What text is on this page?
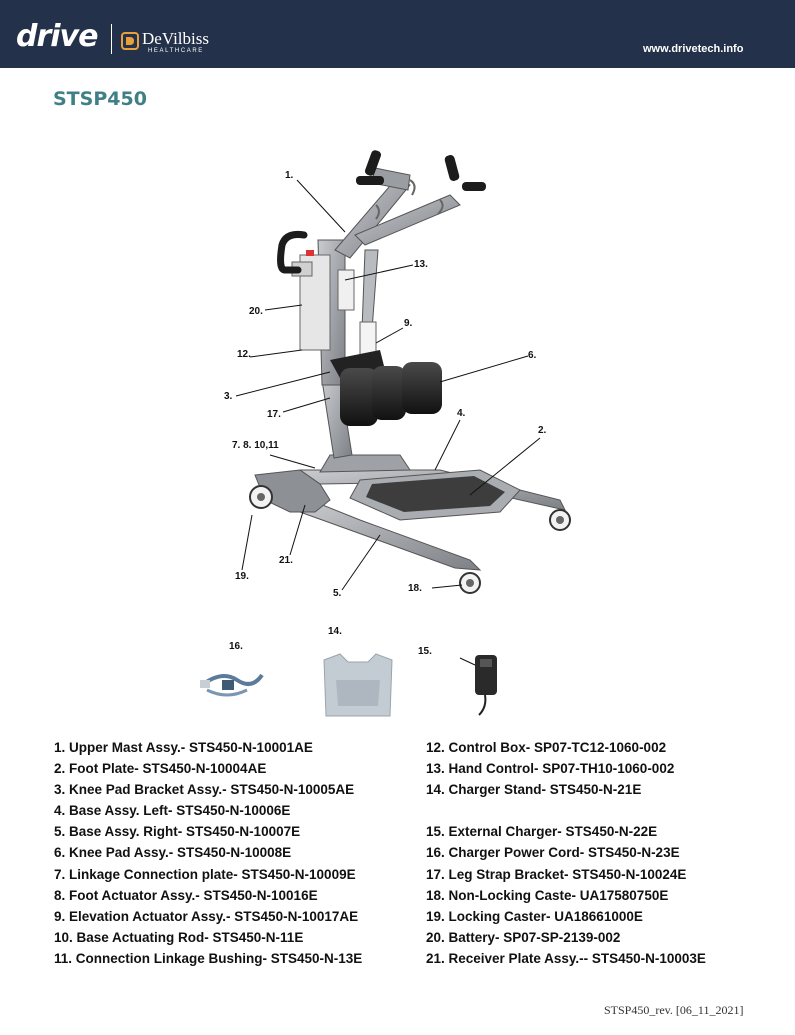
drive	DeVilbiss
HEALTHCARE	www.drivetech.info
STSP450
1.
2.
3.
4.
5.
6.
7. 8. 10,11
9.
12.
13.
17.
18.
19.
20.
21.
16.
14.
15.
1. Upper Mast Assy.- STS450-N-10001AE
2. Foot Plate- STS450-N-10004AE
3. Knee Pad Bracket Assy.- STS450-N-10005AE
4. Base Assy. Left- STS450-N-10006E
5. Base Assy. Right- STS450-N-10007E
6. Knee Pad Assy.- STS450-N-10008E
7. Linkage Connection plate- STS450-N-10009E
8. Foot Actuator Assy.- STS450-N-10016E
9. Elevation Actuator Assy.- STS450-N-10017AE
10. Base Actuating Rod- STS450-N-11E
11. Connection Linkage Bushing- STS450-N-13E
12. Control Box- SP07-TC12-1060-002
13. Hand Control- SP07-TH10-1060-002
14. Charger Stand- STS450-N-21E
15. External Charger- STS450-N-22E
16. Charger Power Cord- STS450-N-23E
17. Leg Strap Bracket- STS450-N-10024E
18. Non-Locking Caste- UA17580750E
19. Locking Caster- UA18661000E
20. Battery- SP07-SP-2139-002
21. Receiver Plate Assy.-- STS450-N-10003E
STSP450_rev. [06_11_2021]
